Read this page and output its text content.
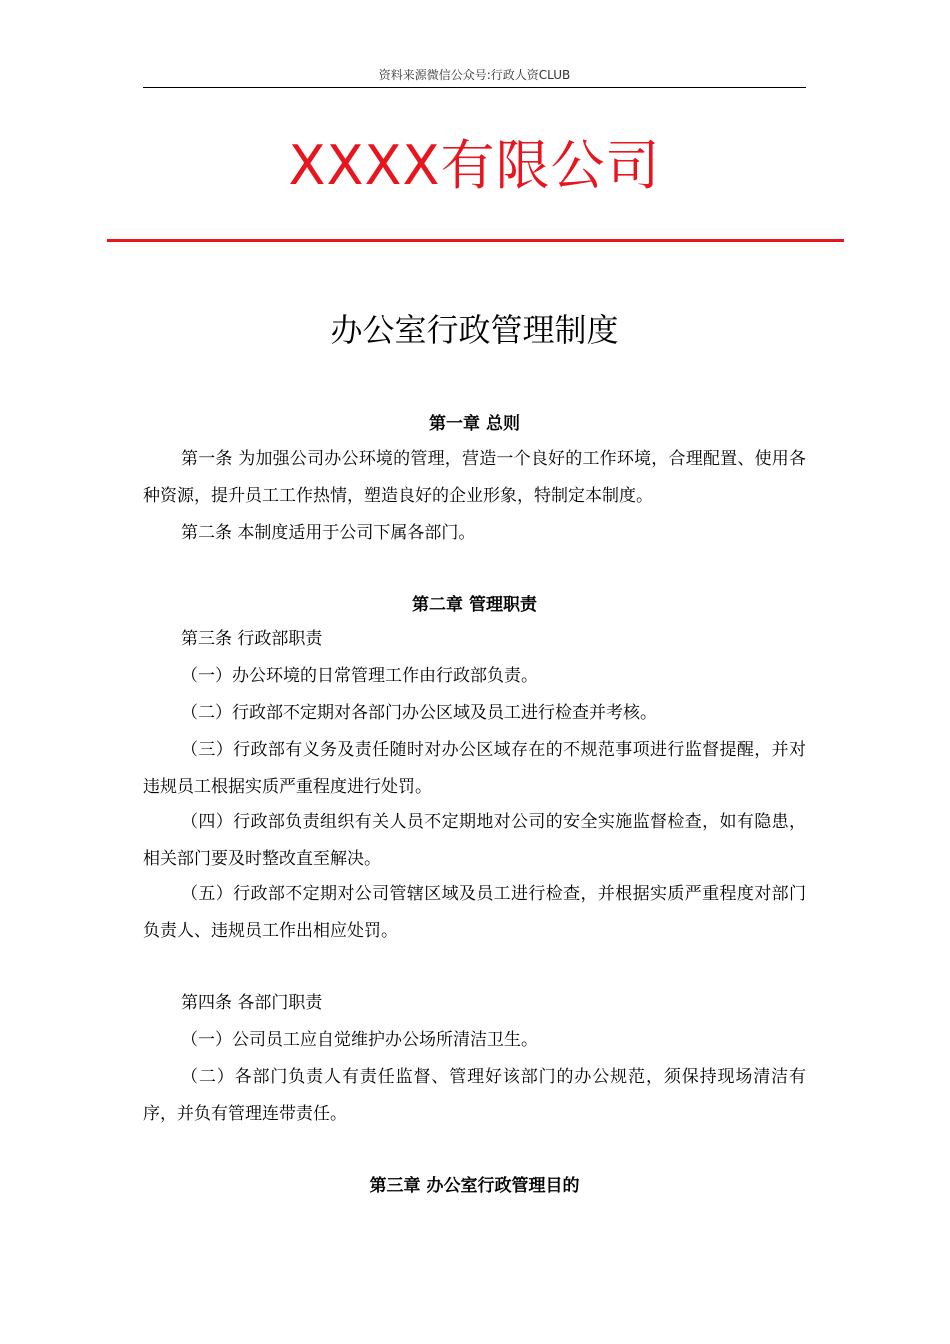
资料来源微信公众号:行政人资CLUB
XXXX有限公司
办公室行政管理制度
第一章 总则

第一条 为加强公司办公环境的管理，营造一个良好的工作环境，合理配置、使用各种资源，提升员工工作热情，塑造良好的企业形象，特制定本制度。

第二条 本制度适用于公司下属各部门。

第二章 管理职责

第三条 行政部职责

（一）办公环境的日常管理工作由行政部负责。

（二）行政部不定期对各部门办公区域及员工进行检查并考核。

（三）行政部有义务及责任随时对办公区域存在的不规范事项进行监督提醒，并对违规员工根据实质严重程度进行处罚。

（四）行政部负责组织有关人员不定期地对公司的安全实施监督检查，如有隐患，相关部门要及时整改直至解决。

（五）行政部不定期对公司管辖区域及员工进行检查，并根据实质严重程度对部门负责人、违规员工作出相应处罚。

第四条 各部门职责

（一）公司员工应自觉维护办公场所清洁卫生。

（二）各部门负责人有责任监督、管理好该部门的办公规范，须保持现场清洁有序，并负有管理连带责任。

第三章 办公室行政管理目的
